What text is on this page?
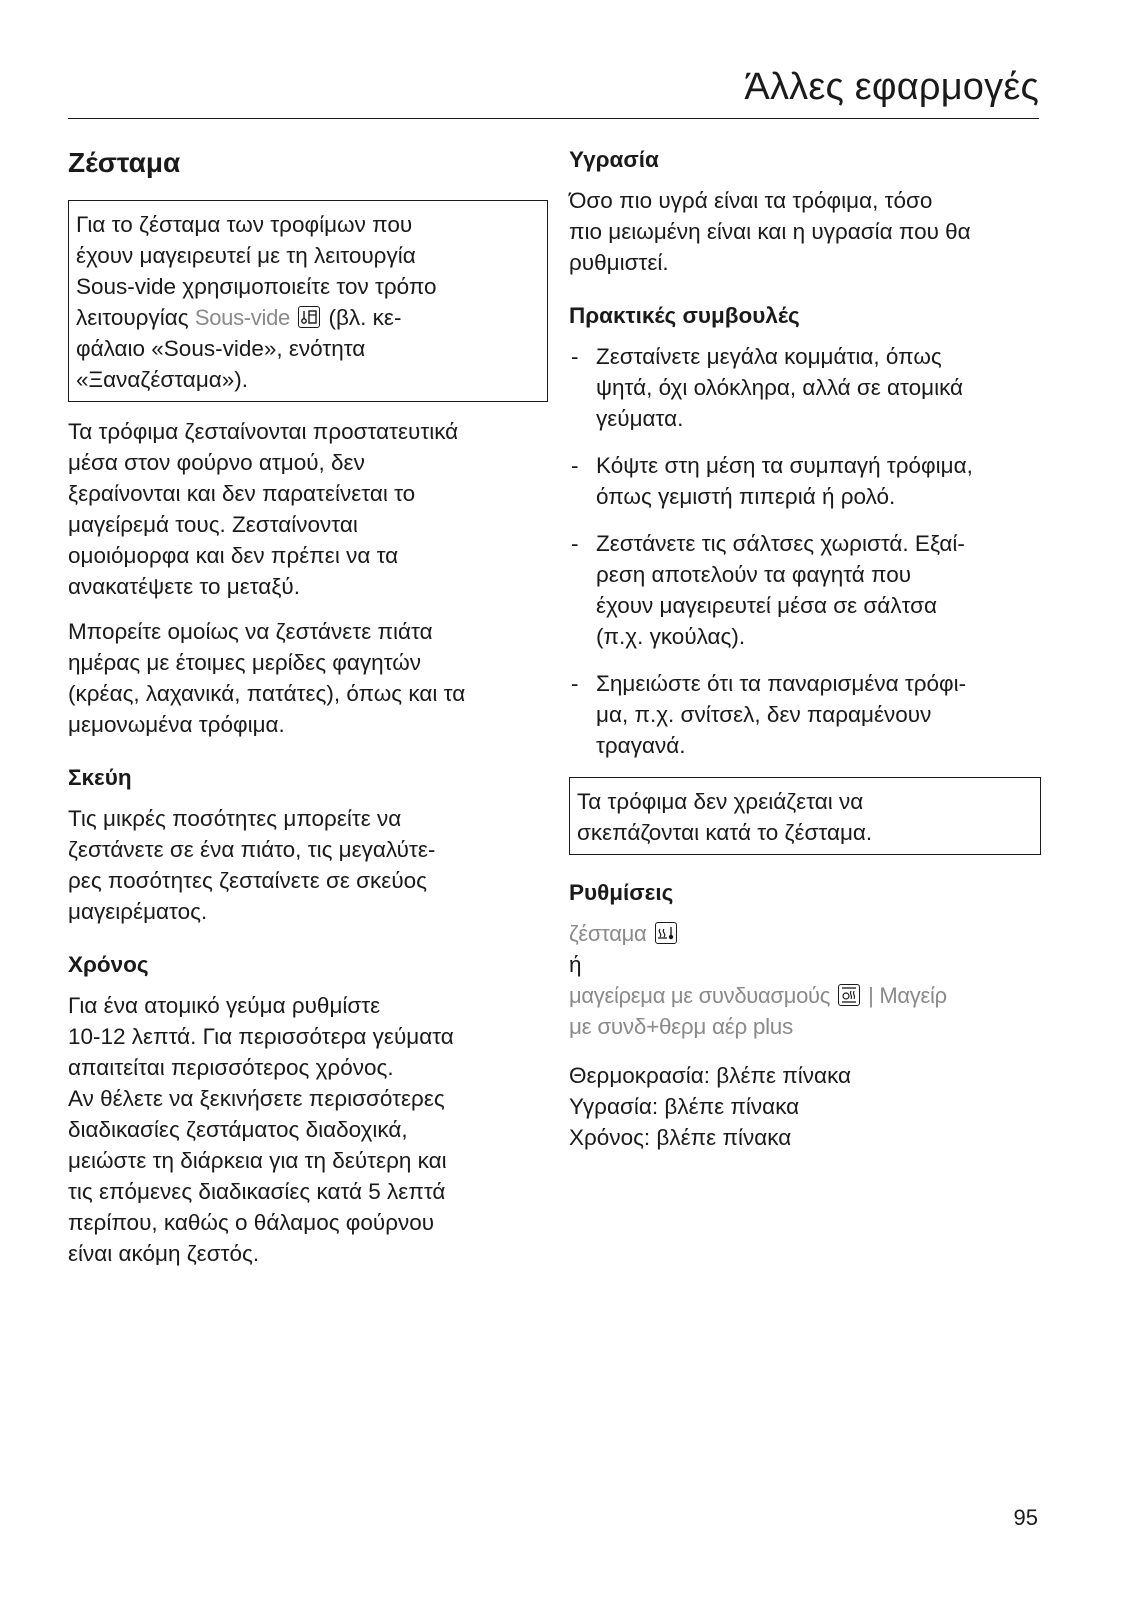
Άλλες εφαρμογές
Ζέσταμα
Για το ζέσταμα των τροφίμων που
έχουν μαγειρευτεί με τη λειτουργία
Sous-vide χρησιμοποιείτε τον τρόπο
λειτουργίας Sous-vide
(βλ. κε-
φάλαιο «Sous-vide», ενότητα
«Ξαναζέσταμα»).
Τα τρόφιμα ζεσταίνονται προστατευτικά
μέσα στον φούρνο ατμού, δεν
ξεραίνονται και δεν παρατείνεται το
μαγείρεμά τους. Ζεσταίνονται
ομοιόμορφα και δεν πρέπει να τα
ανακατέψετε το μεταξύ.
Μπορείτε ομοίως να ζεστάνετε πιάτα
ημέρας με έτοιμες μερίδες φαγητών
(κρέας, λαχανικά, πατάτες), όπως και τα
μεμονωμένα τρόφιμα.
Σκεύη
Τις μικρές ποσότητες μπορείτε να
ζεστάνετε σε ένα πιάτο, τις μεγαλύτε-
ρες ποσότητες ζεσταίνετε σε σκεύος
μαγειρέματος.
Χρόνος
Για ένα ατομικό γεύμα ρυθμίστε
10-12 λεπτά. Για περισσότερα γεύματα
απαιτείται περισσότερος χρόνος.
Αν θέλετε να ξεκινήσετε περισσότερες
διαδικασίες ζεστάματος διαδοχικά,
μειώστε τη διάρκεια για τη δεύτερη και
τις επόμενες διαδικασίες κατά 5 λεπτά
περίπου, καθώς ο θάλαμος φούρνου
είναι ακόμη ζεστός.
Υγρασία
Όσο πιο υγρά είναι τα τρόφιμα, τόσο
πιο μειωμένη είναι και η υγρασία που θα
ρυθμιστεί.
Πρακτικές συμβουλές
- Ζεσταίνετε μεγάλα κομμάτια, όπως
ψητά, όχι ολόκληρα, αλλά σε ατομικά
γεύματα.
- Κόψτε στη μέση τα συμπαγή τρόφιμα,
όπως γεμιστή πιπεριά ή ρολό.
- Ζεστάνετε τις σάλτσες χωριστά. Εξαί-
ρεση αποτελούν τα φαγητά που
έχουν μαγειρευτεί μέσα σε σάλτσα
(π.χ. γκούλας).
- Σημειώστε ότι τα παναρισμένα τρόφι-
μα, π.χ. σνίτσελ, δεν παραμένουν
τραγανά.
Τα τρόφιμα δεν χρειάζεται να
σκεπάζονται κατά το ζέσταμα.
Ρυθμίσεις
ζέσταμα
ή
μαγείρεμα με συνδυασμούς
| Μαγείρ
με συνδ+θερμ αέρ plus
Θερμοκρασία: βλέπε πίνακα
Υγρασία: βλέπε πίνακα
Χρόνος: βλέπε πίνακα
95
